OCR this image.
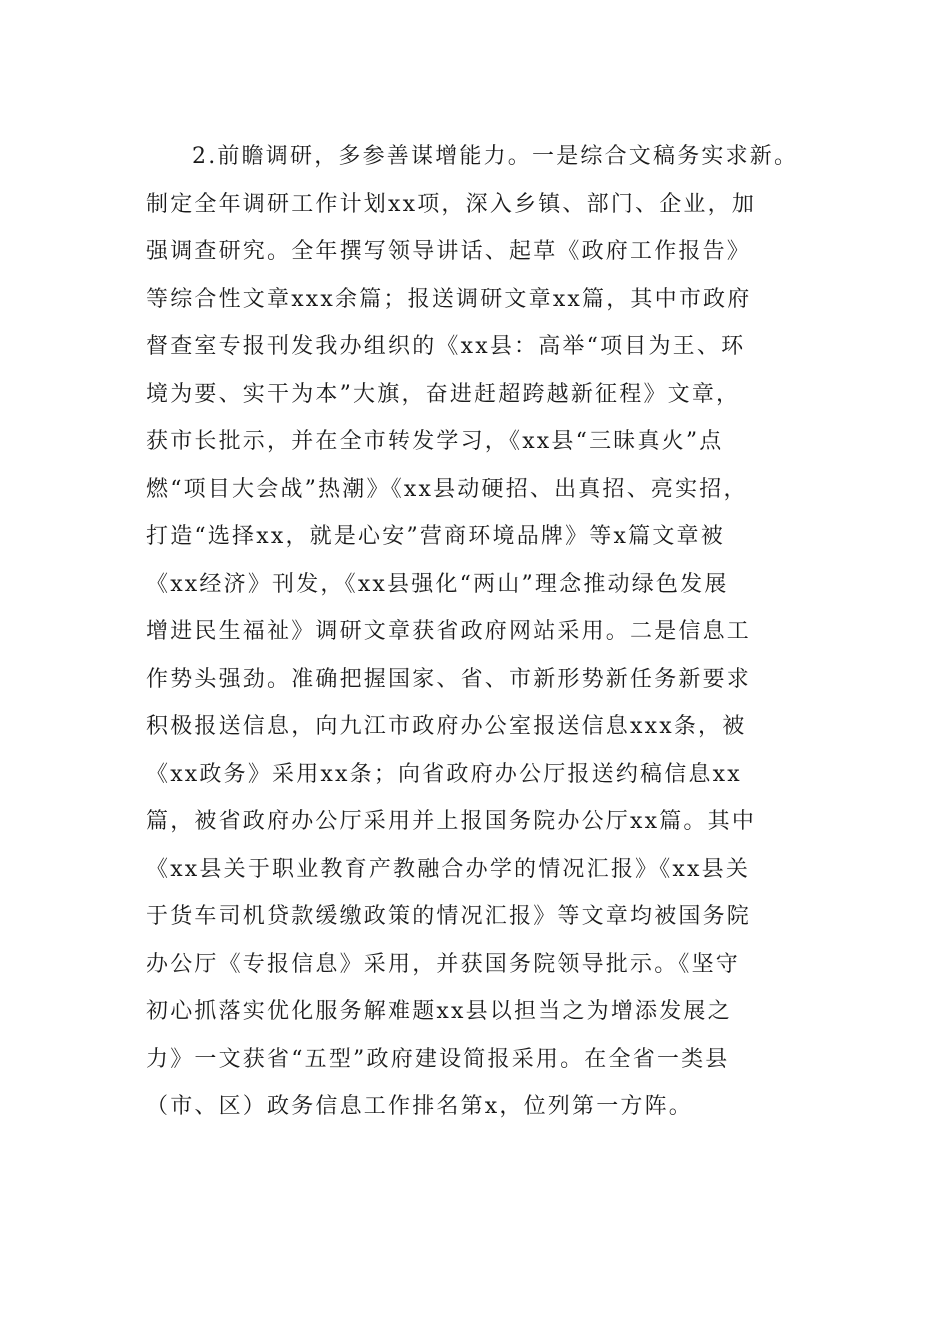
2.前瞻调研，多参善谋增能力。一是综合文稿务实求新。
制定全年调研工作计划xx项，深入乡镇、部门、企业，加
强调查研究。全年撰写领导讲话、起草《政府工作报告》
等综合性文章xxx余篇；报送调研文章xx篇，其中市政府
督查室专报刊发我办组织的《xx县：高举“项目为王、环
境为要、实干为本”大旗，奋进赶超跨越新征程》文章，
获市长批示，并在全市转发学习，《xx县“三昧真火”点
燃“项目大会战”热潮》《xx县动硬招、出真招、亮实招，
打造“选择xx，就是心安”营商环境品牌》等x篇文章被
《xx经济》刊发，《xx县强化“两山”理念推动绿色发展
增进民生福祉》调研文章获省政府网站采用。二是信息工
作势头强劲。准确把握国家、省、市新形势新任务新要求
积极报送信息，向九江市政府办公室报送信息xxx条，被
《xx政务》采用xx条；向省政府办公厅报送约稿信息xx
篇，被省政府办公厅采用并上报国务院办公厅xx篇。其中
《xx县关于职业教育产教融合办学的情况汇报》《xx县关
于货车司机贷款缓缴政策的情况汇报》等文章均被国务院
办公厅《专报信息》采用，并获国务院领导批示。《坚守
初心抓落实优化服务解难题xx县以担当之为增添发展之
力》一文获省“五型”政府建设简报采用。在全省一类县
（市、区）政务信息工作排名第x，位列第一方阵。
